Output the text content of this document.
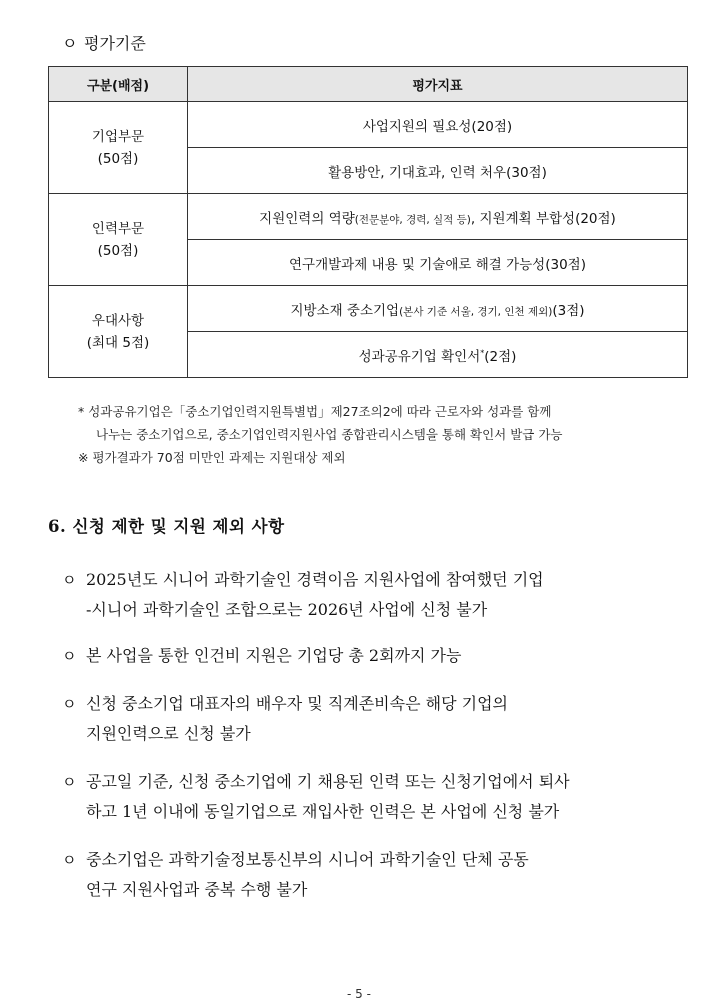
ㅇ 평가기준
구분(배점)	평가지표

기업부문
(50점)	사업지원의 필요성(20점)
	활용방안, 기대효과, 인력 처우(30점)

인력부문
(50점)	지원인력의 역량(전문분야, 경력, 실적 등), 지원계획 부합성(20점)
	연구개발과제 내용 및 기술애로 해결 가능성(30점)

우대사항
(최대 5점)	지방소재 중소기업(본사 기준 서울, 경기, 인천 제외)(3점)
	성과공유기업 확인서*(2점)
* 성과공유기업은「중소기업인력지원특별법」제27조의2에 따라 근로자와 성과를 함께
나누는 중소기업으로, 중소기업인력지원사업 종합관리시스템을 통해 확인서 발급 가능
※ 평가결과가 70점 미만인 과제는 지원대상 제외
6. 신청 제한 및 지원 제외 사항
ㅇ 2025년도 시니어 과학기술인 경력이음 지원사업에 참여했던 기업
-시니어 과학기술인 조합으로는 2026년 사업에 신청 불가
ㅇ 본 사업을 통한 인건비 지원은 기업당 총 2회까지 가능
ㅇ 신청 중소기업 대표자의 배우자 및 직계존비속은 해당 기업의
지원인력으로 신청 불가
ㅇ 공고일 기준, 신청 중소기업에 기 채용된 인력 또는 신청기업에서 퇴사
하고 1년 이내에 동일기업으로 재입사한 인력은 본 사업에 신청 불가
ㅇ 중소기업은 과학기술정보통신부의 시니어 과학기술인 단체 공동
연구 지원사업과 중복 수행 불가
- 5 -
